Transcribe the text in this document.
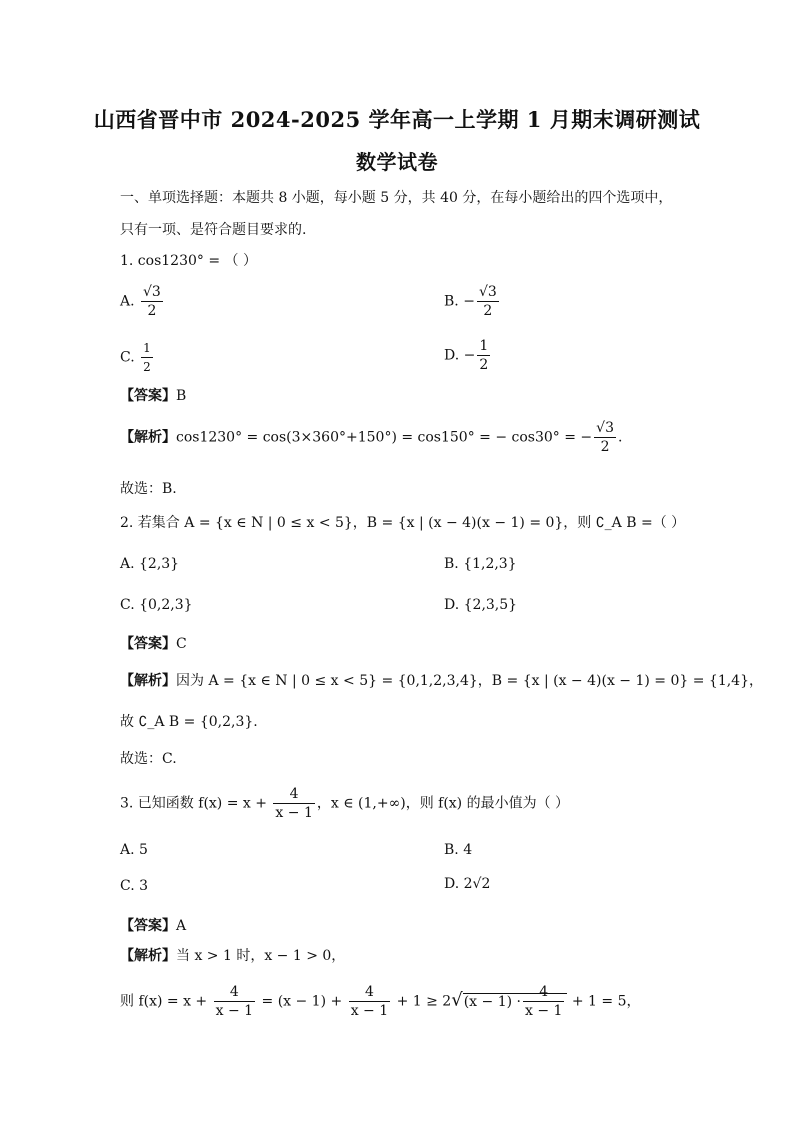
山西省晋中市 2024-2025 学年高一上学期 1 月期末调研测试
数学试卷
一、单项选择题：本题共 8 小题，每小题 5 分，共 40 分，在每小题给出的四个选项中，只有一项、是符合题目要求的.
1. cos1230° = （ ）
A. $\frac{√3}{2}$	B. − $\frac{√3}{2}$
C. $\frac{1}{2}$	D. − $\frac{1}{2}$
【答案】B
【解析】cos1230° = cos(3×360°+150°) = cos150° = − cos30° = − $\frac{√3}{2}$ .
故选：B.
2. 若集合 A = {x ∈ N | 0 ≤ x < 5}，B = {x | (x − 4)(x − 1) = 0}，则 ∁_A B =（ ）
A. {2,3}	B. {1,2,3}
C. {0,2,3}	D. {2,3,5}
【答案】C
【解析】因为 A = {x ∈ N | 0 ≤ x < 5} = {0,1,2,3,4}，B = {x | (x − 4)(x − 1) = 0} = {1,4}，
故 ∁_A B = {0,2,3}.
故选：C.
3. 已知函数 $f(x) = x + \frac{4}{x - 1}$ ，x ∈ (1,+∞)，则 f(x) 的最小值为（ ）
A. 5	B. 4
C. 3	D. 2√2
【答案】A
【解析】当 x > 1 时，x − 1 > 0，
则 $f(x) = x + \frac{4}{x - 1} = (x - 1) + \frac{4}{x - 1} + 1 \ge 2√(x - 1) \cdot \frac{4}{x - 1} + 1 = 5$，
